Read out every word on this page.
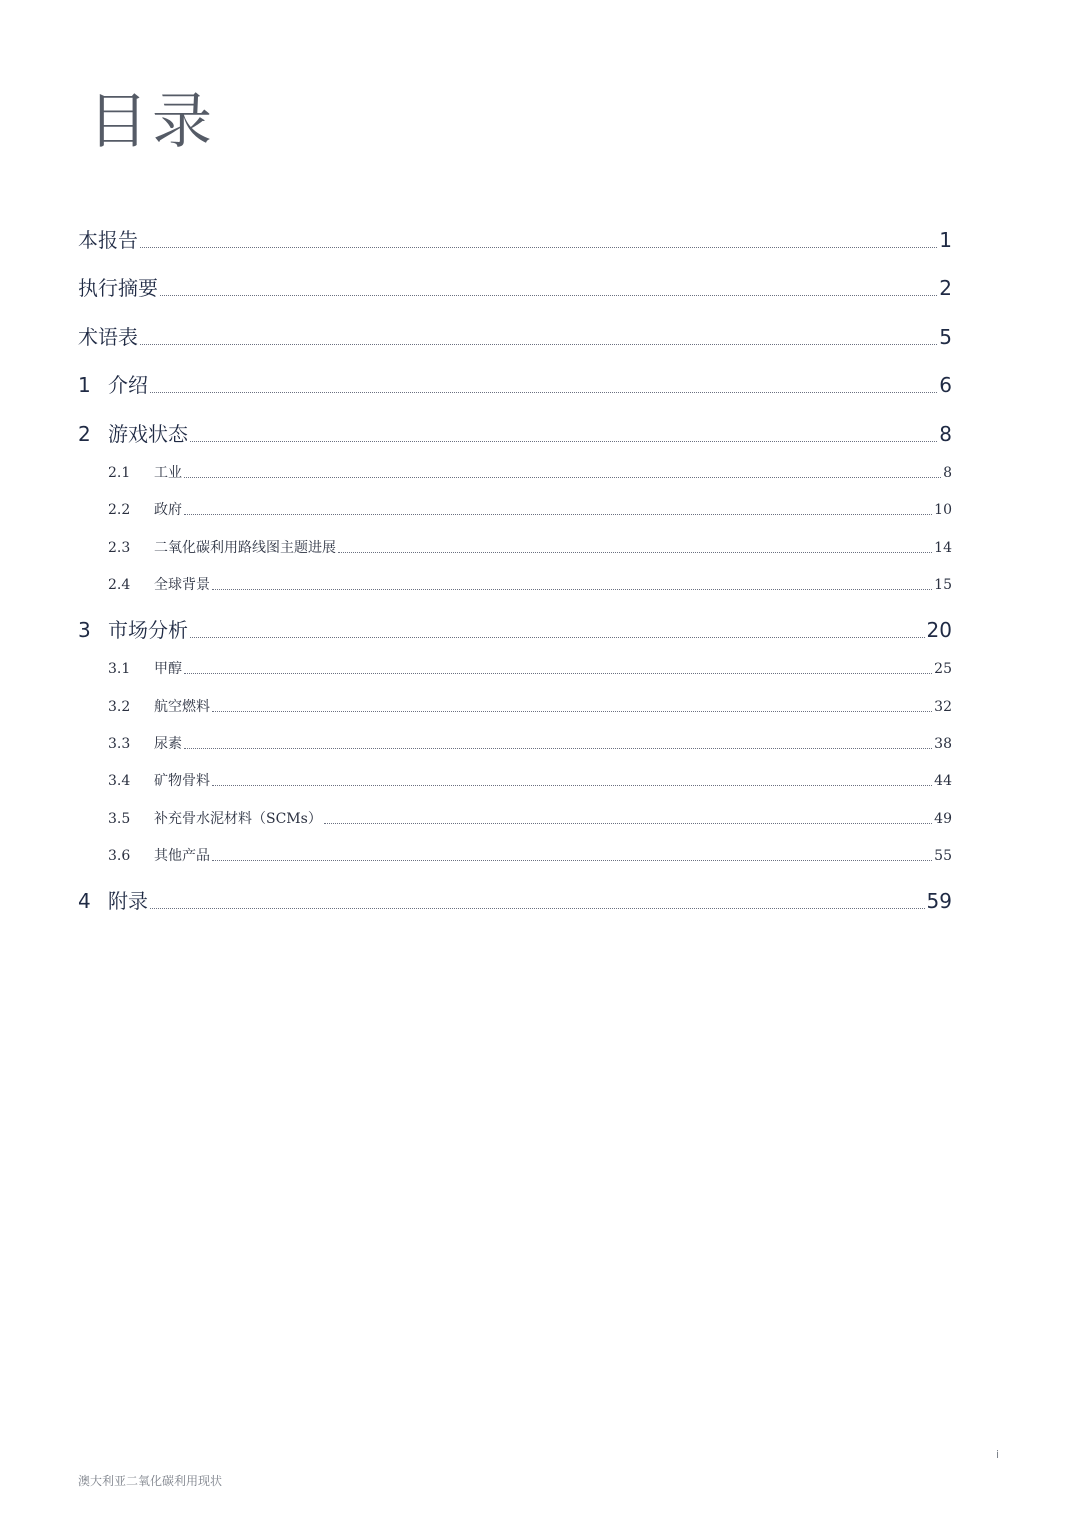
目录
本报告	1
执行摘要	2
术语表	5
1 介绍	6
2 游戏状态	8
2.1	工业	8
2.2	政府	10
2.3	二氧化碳利用路线图主题进展	14
2.4	全球背景	15
3 市场分析	20
3.1	甲醇	25
3.2	航空燃料	32
3.3	尿素	38
3.4	矿物骨料	44
3.5	补充骨水泥材料（SCMs）	49
3.6	其他产品	55
4 附录	59
i
澳大利亚二氧化碳利用现状
